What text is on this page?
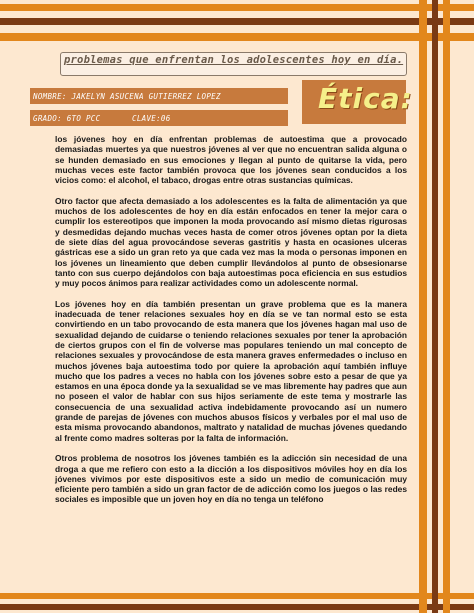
problemas que enfrentan los adolescentes hoy en día.
NOMBRE: JAKELYN ASUCENA GUTIERREZ LOPEZ
GRADO: 6TO PCC	CLAVE:06
Ética:

los jóvenes hoy en día enfrentan problemas de autoestima que a provocado demasiadas muertes ya que nuestros jóvenes al ver que no encuentran salida alguna o se hunden demasiado en sus emociones y llegan al punto de quitarse la vida, pero muchas veces este factor también provoca que los jóvenes sean conducidos a los vicios como: el alcohol, el tabaco, drogas entre otras sustancias químicas.

Otro factor que afecta demasiado a los adolescentes es la falta de alimentación ya que muchos de los adolescentes de hoy en día están enfocados en tener la mejor cara o cumplir los estereotipos que imponen la moda provocando así mismo dietas rigurosas y desmedidas dejando muchas veces hasta de comer otros jóvenes optan por la dieta de siete días del agua provocándose severas gastritis y hasta en ocasiones ulceras gástricas ese a sido un gran reto ya que cada vez mas la moda o personas imponen en los jóvenes un lineamiento que deben cumplir llevándolos al punto de obsesionarse tanto con sus cuerpo dejándolos con baja autoestimas poca eficiencia en sus estudios y muy pocos ánimos para realizar actividades como un adolescente normal.

Los jóvenes hoy en día también presentan un grave problema que es la manera inadecuada de tener relaciones sexuales hoy en día se ve tan normal esto se esta convirtiendo en un tabo provocando de esta manera que los jóvenes hagan mal uso de sexualidad dejando de cuidarse o teniendo relaciones sexuales por tener la aprobación de ciertos grupos con el fin de volverse mas populares teniendo un mal concepto de relaciones sexuales y provocándose de esta manera graves enfermedades o incluso en muchos jóvenes baja autoestima todo por quiere la aprobación aquí también influye mucho que los padres a veces no habla con los jóvenes sobre esto a pesar de que ya estamos en una época donde ya la sexualidad se ve mas libremente hay padres que aun no poseen el valor de hablar con sus hijos seriamente de este tema y mostrarle las consecuencia de una sexualidad activa indebidamente provocando así un numero grande de parejas de jóvenes con muchos abusos físicos y verbales por el mal uso de esta misma provocando abandonos, maltrato y natalidad de muchas jóvenes quedando al frente como madres solteras por la falta de información.

Otros problema de nosotros los jóvenes también es la adicción sin necesidad de una droga a que me refiero con esto a la dicción a los dispositivos móviles hoy en día los jóvenes vivimos por este dispositivos este a sido un medio de comunicación muy eficiente pero también a sido un gran factor de de adicción como los juegos o las redes sociales es imposible que un joven hoy en día no tenga un teléfono
